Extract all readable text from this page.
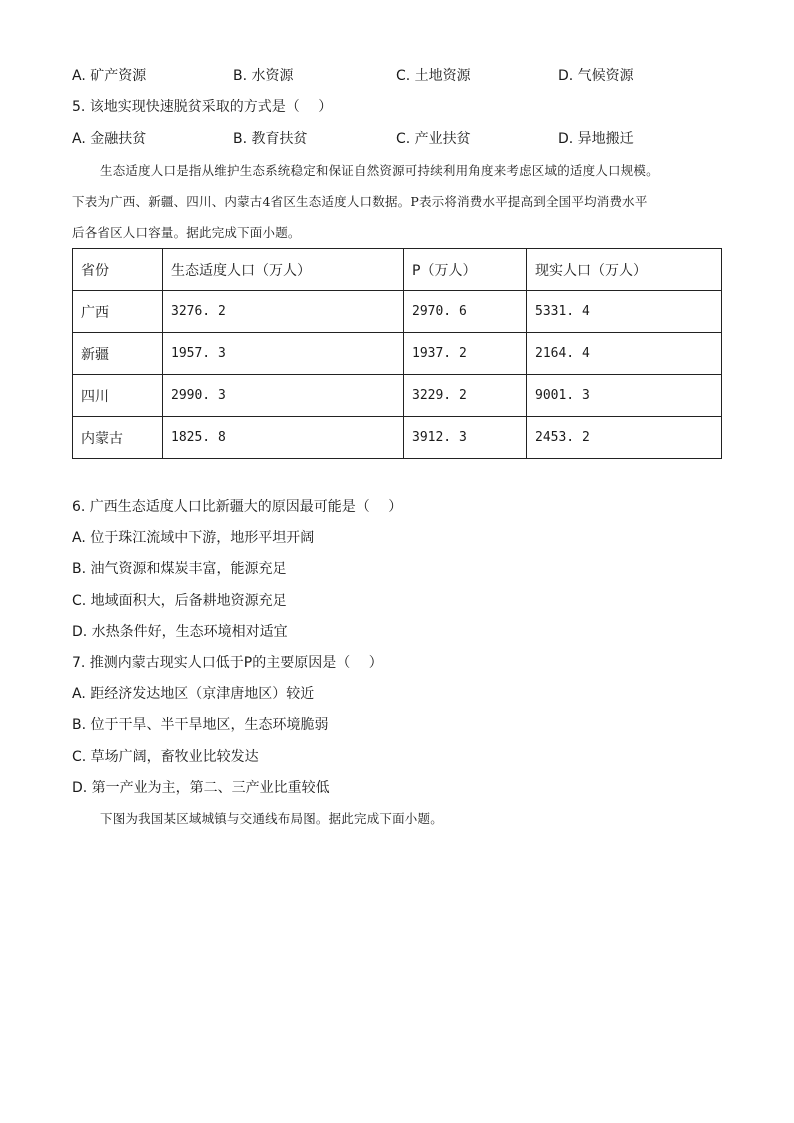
A. 矿产资源	B. 水资源	C. 土地资源	D. 气候资源
5. 该地实现快速脱贫采取的方式是（　 ）
A. 金融扶贫	B. 教育扶贫	C. 产业扶贫	D. 异地搬迁
生态适度人口是指从维护生态系统稳定和保证自然资源可持续利用角度来考虑区域的适度人口规模。
下表为广西、新疆、四川、内蒙古4省区生态适度人口数据。P表示将消费水平提高到全国平均消费水平
后各省区人口容量。据此完成下面小题。
省份	生态适度人口（万人）	P（万人）	现实人口（万人）
广西	3276. 2	2970. 6	5331. 4
新疆	1957. 3	1937. 2	2164. 4
四川	2990. 3	3229. 2	9001. 3
内蒙古	1825. 8	3912. 3	2453. 2
6. 广西生态适度人口比新疆大的原因最可能是（　 ）
A. 位于珠江流域中下游，地形平坦开阔
B. 油气资源和煤炭丰富，能源充足
C. 地域面积大，后备耕地资源充足
D. 水热条件好，生态环境相对适宜
7. 推测内蒙古现实人口低于P的主要原因是（　 ）
A. 距经济发达地区（京津唐地区）较近
B. 位于干旱、半干旱地区，生态环境脆弱
C. 草场广阔，畜牧业比较发达
D. 第一产业为主，第二、三产业比重较低
下图为我国某区域城镇与交通线布局图。据此完成下面小题。
